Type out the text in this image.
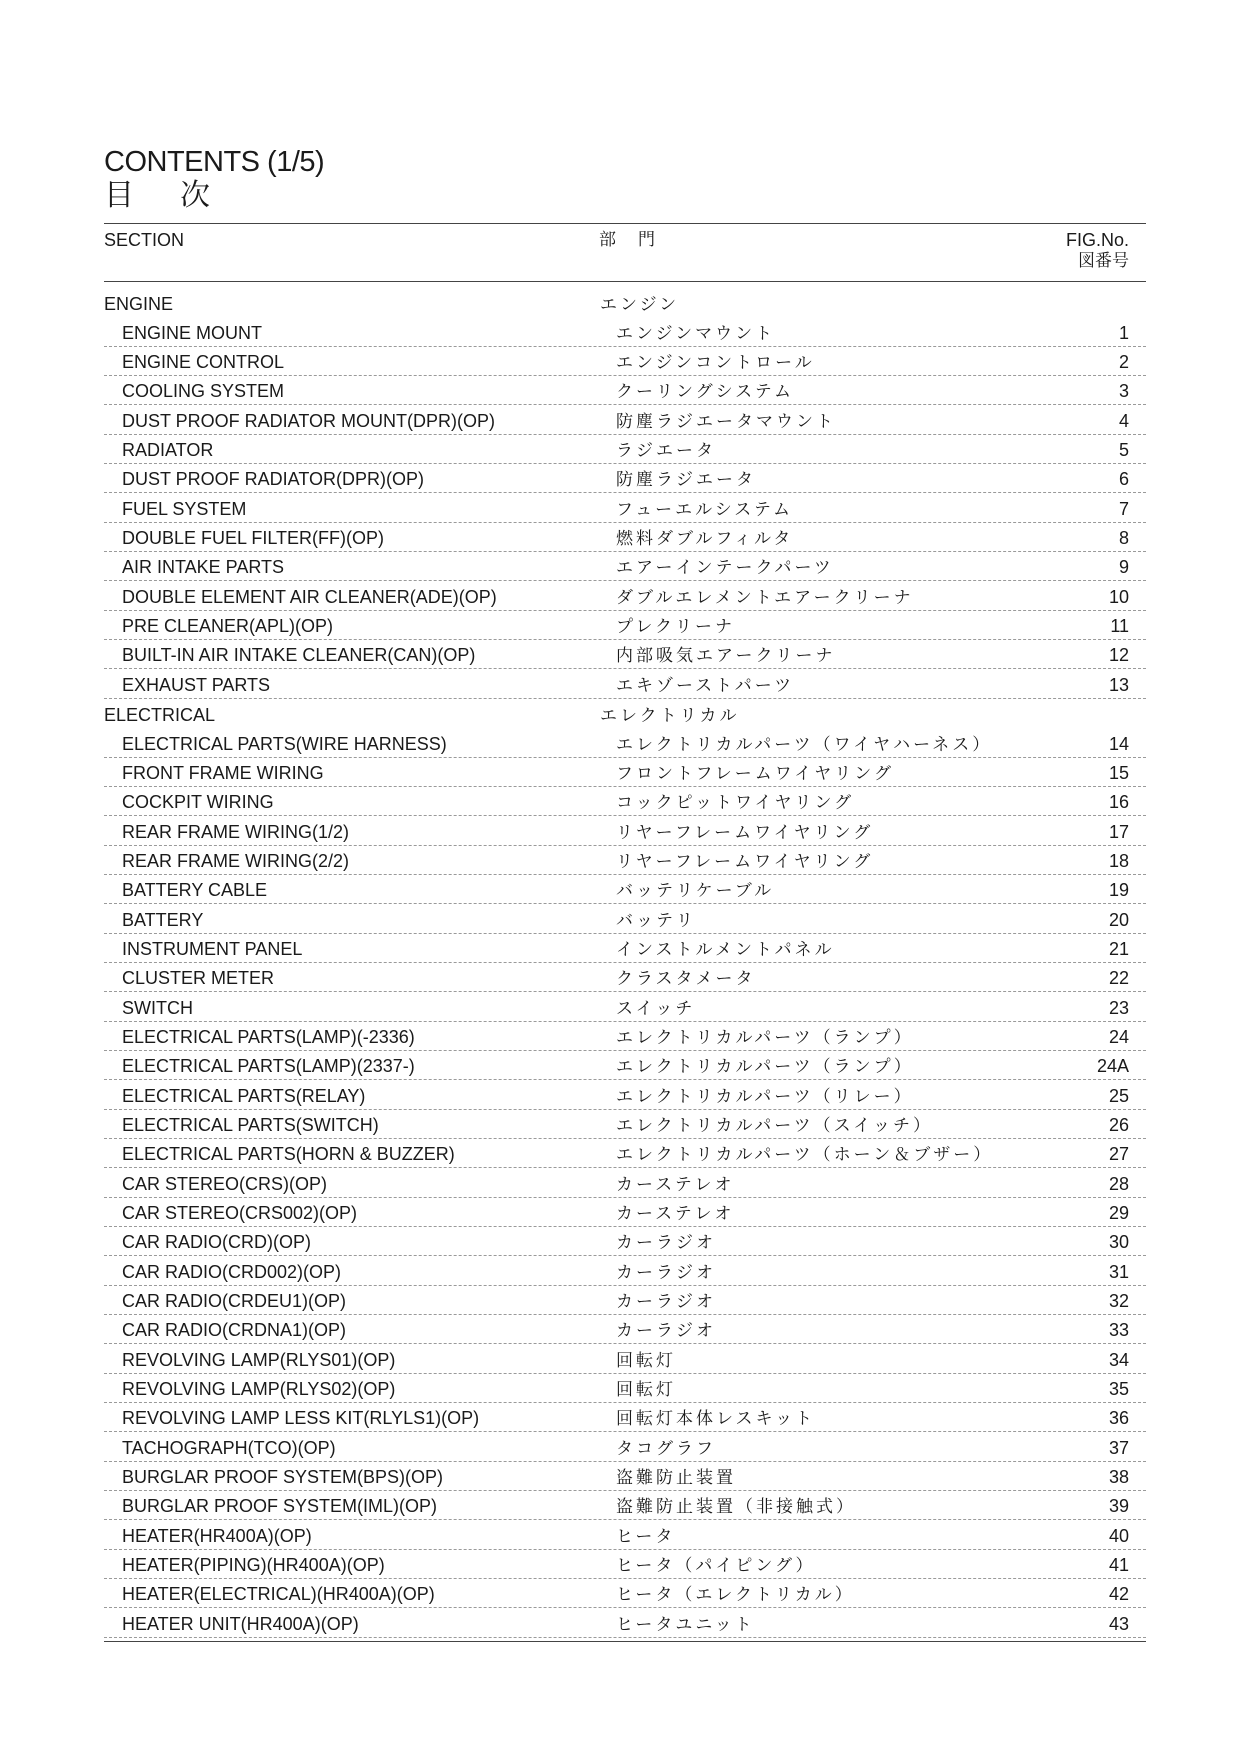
CONTENTS (1/5)
目次
SECTION	部門	FIG.No.
図番号
ENGINE	エンジン
ENGINE MOUNT	エンジンマウント	1
ENGINE CONTROL	エンジンコントロール	2
COOLING SYSTEM	クーリングシステム	3
DUST PROOF RADIATOR MOUNT(DPR)(OP)	防塵ラジエータマウント	4
RADIATOR	ラジエータ	5
DUST PROOF RADIATOR(DPR)(OP)	防塵ラジエータ	6
FUEL SYSTEM	フューエルシステム	7
DOUBLE FUEL FILTER(FF)(OP)	燃料ダブルフィルタ	8
AIR INTAKE PARTS	エアーインテークパーツ	9
DOUBLE ELEMENT AIR CLEANER(ADE)(OP)	ダブルエレメントエアークリーナ	10
PRE CLEANER(APL)(OP)	プレクリーナ	11
BUILT-IN AIR INTAKE CLEANER(CAN)(OP)	内部吸気エアークリーナ	12
EXHAUST PARTS	エキゾーストパーツ	13
ELECTRICAL	エレクトリカル
ELECTRICAL PARTS(WIRE HARNESS)	エレクトリカルパーツ（ワイヤハーネス）	14
FRONT FRAME WIRING	フロントフレームワイヤリング	15
COCKPIT WIRING	コックピットワイヤリング	16
REAR FRAME WIRING(1/2)	リヤーフレームワイヤリング	17
REAR FRAME WIRING(2/2)	リヤーフレームワイヤリング	18
BATTERY CABLE	バッテリケーブル	19
BATTERY	バッテリ	20
INSTRUMENT PANEL	インストルメントパネル	21
CLUSTER METER	クラスタメータ	22
SWITCH	スイッチ	23
ELECTRICAL PARTS(LAMP)(-2336)	エレクトリカルパーツ（ランプ）	24
ELECTRICAL PARTS(LAMP)(2337-)	エレクトリカルパーツ（ランプ）	24A
ELECTRICAL PARTS(RELAY)	エレクトリカルパーツ（リレー）	25
ELECTRICAL PARTS(SWITCH)	エレクトリカルパーツ（スイッチ）	26
ELECTRICAL PARTS(HORN & BUZZER)	エレクトリカルパーツ（ホーン＆ブザー）	27
CAR STEREO(CRS)(OP)	カーステレオ	28
CAR STEREO(CRS002)(OP)	カーステレオ	29
CAR RADIO(CRD)(OP)	カーラジオ	30
CAR RADIO(CRD002)(OP)	カーラジオ	31
CAR RADIO(CRDEU1)(OP)	カーラジオ	32
CAR RADIO(CRDNA1)(OP)	カーラジオ	33
REVOLVING LAMP(RLYS01)(OP)	回転灯	34
REVOLVING LAMP(RLYS02)(OP)	回転灯	35
REVOLVING LAMP LESS KIT(RLYLS1)(OP)	回転灯本体レスキット	36
TACHOGRAPH(TCO)(OP)	タコグラフ	37
BURGLAR PROOF SYSTEM(BPS)(OP)	盗難防止装置	38
BURGLAR PROOF SYSTEM(IML)(OP)	盗難防止装置（非接触式）	39
HEATER(HR400A)(OP)	ヒータ	40
HEATER(PIPING)(HR400A)(OP)	ヒータ（パイピング）	41
HEATER(ELECTRICAL)(HR400A)(OP)	ヒータ（エレクトリカル）	42
HEATER UNIT(HR400A)(OP)	ヒータユニット	43
